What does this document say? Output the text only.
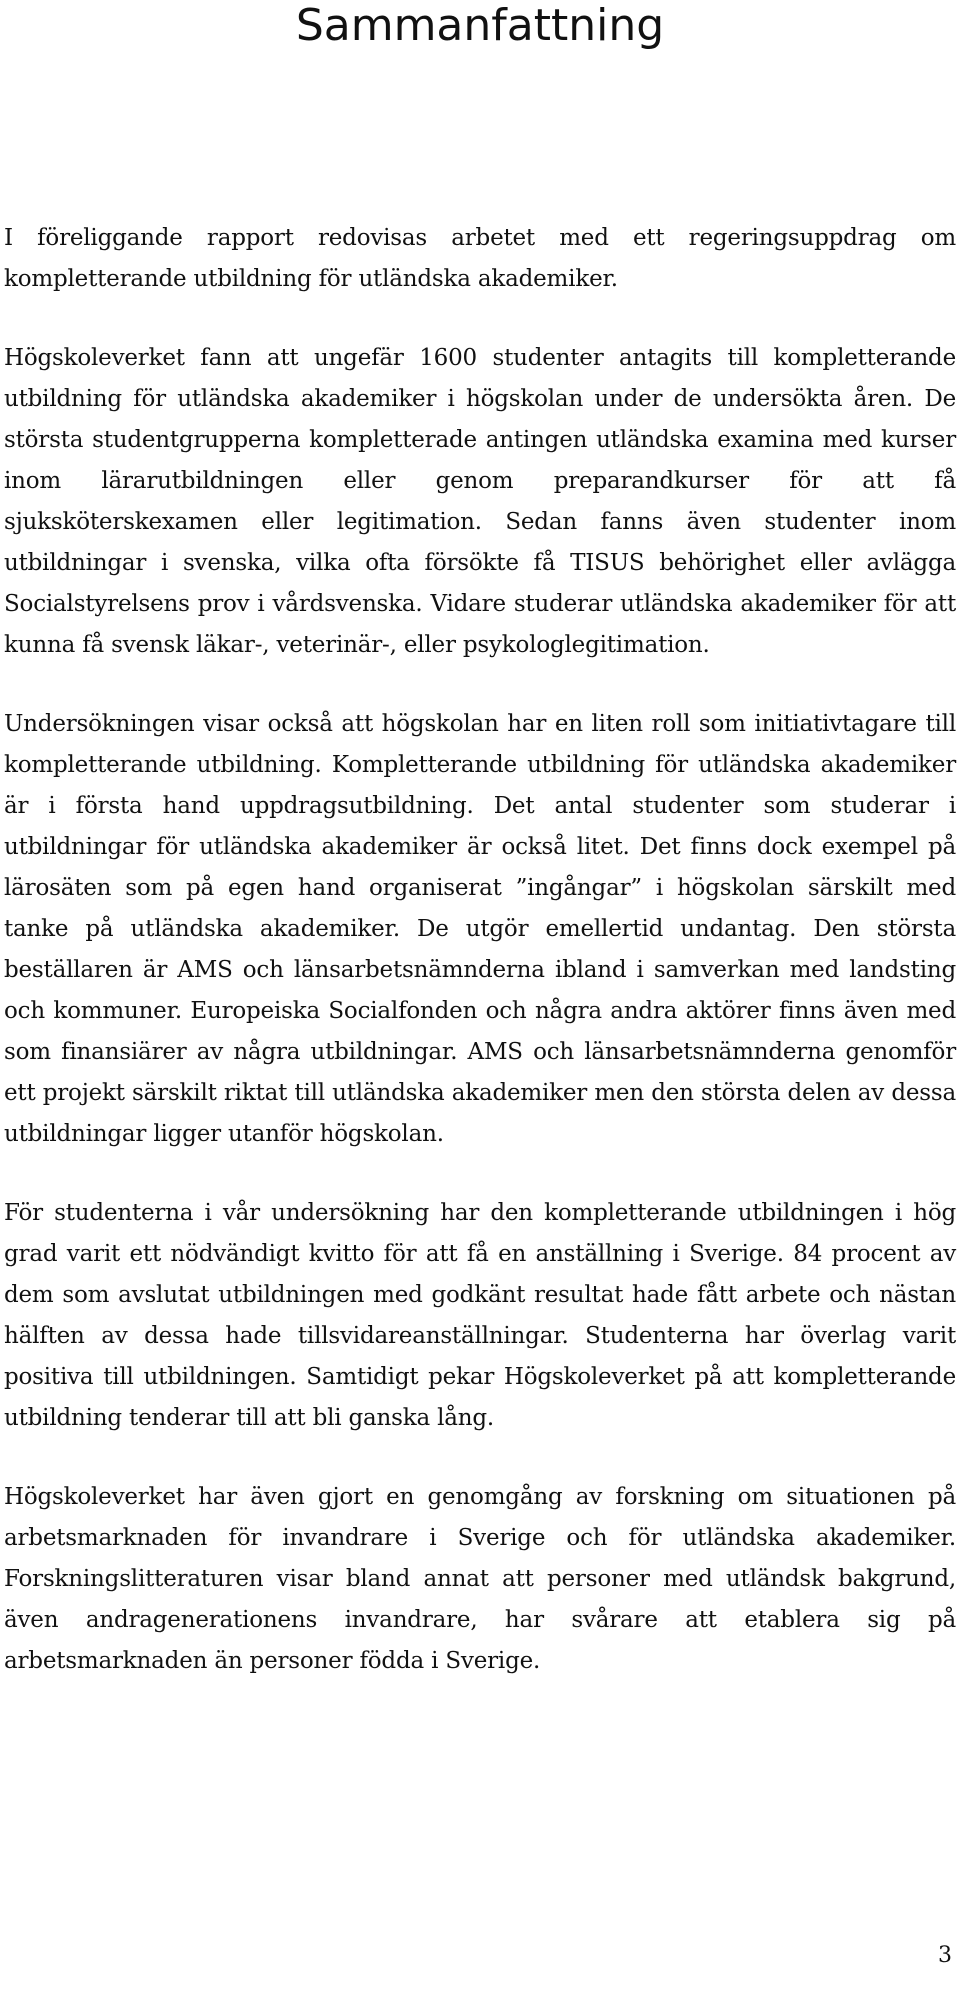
Sammanfattning

I föreliggande rapport redovisas arbetet med ett regeringsuppdrag om kompletterande utbildning för utländska akademiker.

Högskoleverket fann att ungefär 1600 studenter antagits till kompletterande utbildning för utländska akademiker i högskolan under de undersökta åren. De största studentgrupperna kompletterade antingen utländska examina med kurser inom lärarutbildningen eller genom preparandkurser för att få sjuksköterskexamen eller legitimation. Sedan fanns även studenter inom utbildningar i svenska, vilka ofta försökte få TISUS behörighet eller avlägga Socialstyrelsens prov i vårdsvenska. Vidare studerar utländska akademiker för att kunna få svensk läkar-, veterinär-, eller psykologlegitimation.

Undersökningen visar också att högskolan har en liten roll som initiativtagare till kompletterande utbildning. Kompletterande utbildning för utländska akademiker är i första hand uppdragsutbildning. Det antal studenter som studerar i utbildningar för utländska akademiker är också litet. Det finns dock exempel på lärosäten som på egen hand organiserat ”ingångar” i högskolan särskilt med tanke på utländska akademiker. De utgör emellertid undantag. Den största beställaren är AMS och länsarbetsnämnderna ibland i samverkan med landsting och kommuner. Europeiska Socialfonden och några andra aktörer finns även med som finansiärer av några utbildningar. AMS och länsarbetsnämnderna genomför ett projekt särskilt riktat till utländska akademiker men den största delen av dessa utbildningar ligger utanför högskolan.

För studenterna i vår undersökning har den kompletterande utbildningen i hög grad varit ett nödvändigt kvitto för att få en anställning i Sverige. 84 procent av dem som avslutat utbildningen med godkänt resultat hade fått arbete och nästan hälften av dessa hade tillsvidareanställningar. Studenterna har överlag varit positiva till utbildningen. Samtidigt pekar Högskoleverket på att kompletterande utbildning tenderar till att bli ganska lång.

Högskoleverket har även gjort en genomgång av forskning om situationen på arbetsmarknaden för invandrare i Sverige och för utländska akademiker. Forskningslitteraturen visar bland annat att personer med utländsk bakgrund, även andragenerationens invandrare, har svårare att etablera sig på arbetsmarknaden än personer födda i Sverige.

3
